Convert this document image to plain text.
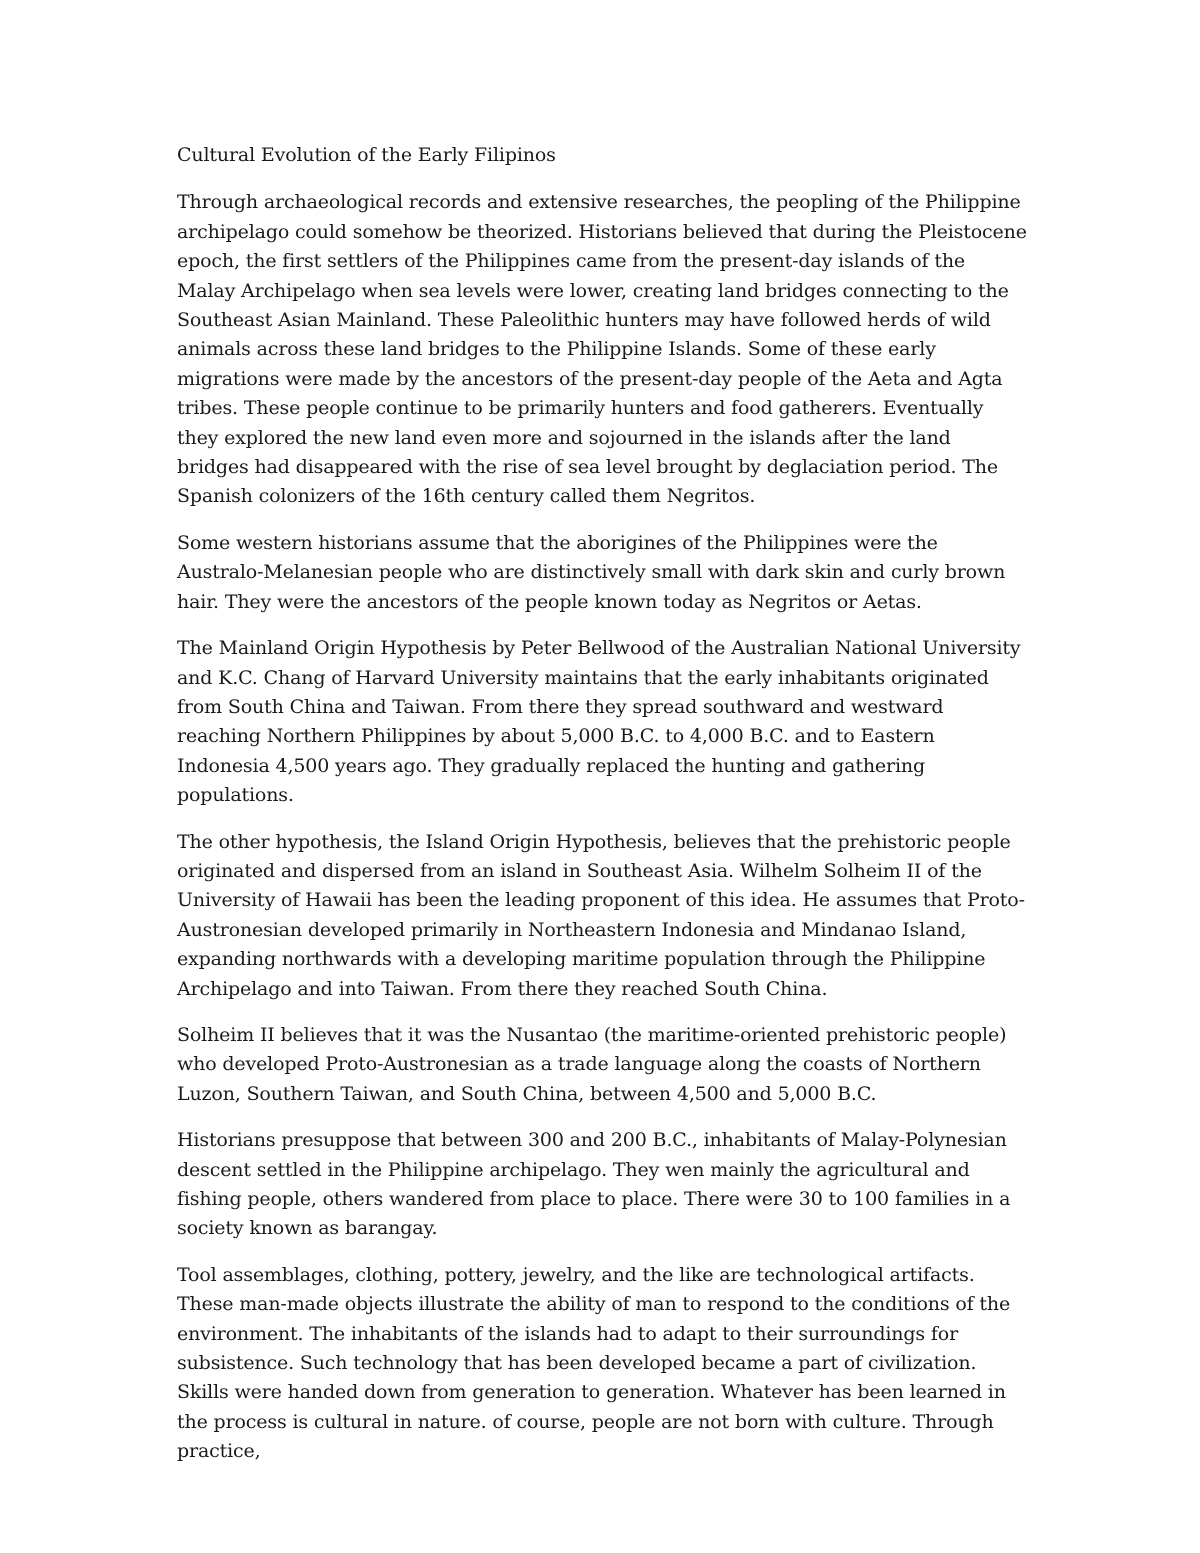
Cultural Evolution of the Early Filipinos

Through archaeological records and extensive researches, the peopling of the Philippine archipelago could somehow be theorized. Historians believed that during the Pleistocene epoch, the first settlers of the Philippines came from the present-day islands of the Malay Archipelago when sea levels were lower, creating land bridges connecting to the Southeast Asian Mainland. These Paleolithic hunters may have followed herds of wild animals across these land bridges to the Philippine Islands. Some of these early migrations were made by the ancestors of the present-day people of the Aeta and Agta tribes. These people continue to be primarily hunters and food gatherers. Eventually they explored the new land even more and sojourned in the islands after the land bridges had disappeared with the rise of sea level brought by deglaciation period. The Spanish colonizers of the 16th century called them Negritos.

Some western historians assume that the aborigines of the Philippines were the Australo-Melanesian people who are distinctively small with dark skin and curly brown hair. They were the ancestors of the people known today as Negritos or Aetas.

The Mainland Origin Hypothesis by Peter Bellwood of the Australian National University and K.C. Chang of Harvard University maintains that the early inhabitants originated from South China and Taiwan. From there they spread southward and westward reaching Northern Philippines by about 5,000 B.C. to 4,000 B.C. and to Eastern Indonesia 4,500 years ago. They gradually replaced the hunting and gathering populations.

The other hypothesis, the Island Origin Hypothesis, believes that the prehistoric people originated and dispersed from an island in Southeast Asia. Wilhelm Solheim II of the University of Hawaii has been the leading proponent of this idea. He assumes that Proto-Austronesian developed primarily in Northeastern Indonesia and Mindanao Island, expanding northwards with a developing maritime population through the Philippine Archipelago and into Taiwan. From there they reached South China.

Solheim II believes that it was the Nusantao (the maritime-oriented prehistoric people) who developed Proto-Austronesian as a trade language along the coasts of Northern Luzon, Southern Taiwan, and South China, between 4,500 and 5,000 B.C.

Historians presuppose that between 300 and 200 B.C., inhabitants of Malay-Polynesian descent settled in the Philippine archipelago. They wen mainly the agricultural and fishing people, others wandered from place to place. There were 30 to 100 families in a society known as barangay.

Tool assemblages, clothing, pottery, jewelry, and the like are technological artifacts. These man-made objects illustrate the ability of man to respond to the conditions of the environment. The inhabitants of the islands had to adapt to their surroundings for subsistence. Such technology that has been developed became a part of civilization. Skills were handed down from generation to generation. Whatever has been learned in the process is cultural in nature. of course, people are not born with culture. Through practice,
